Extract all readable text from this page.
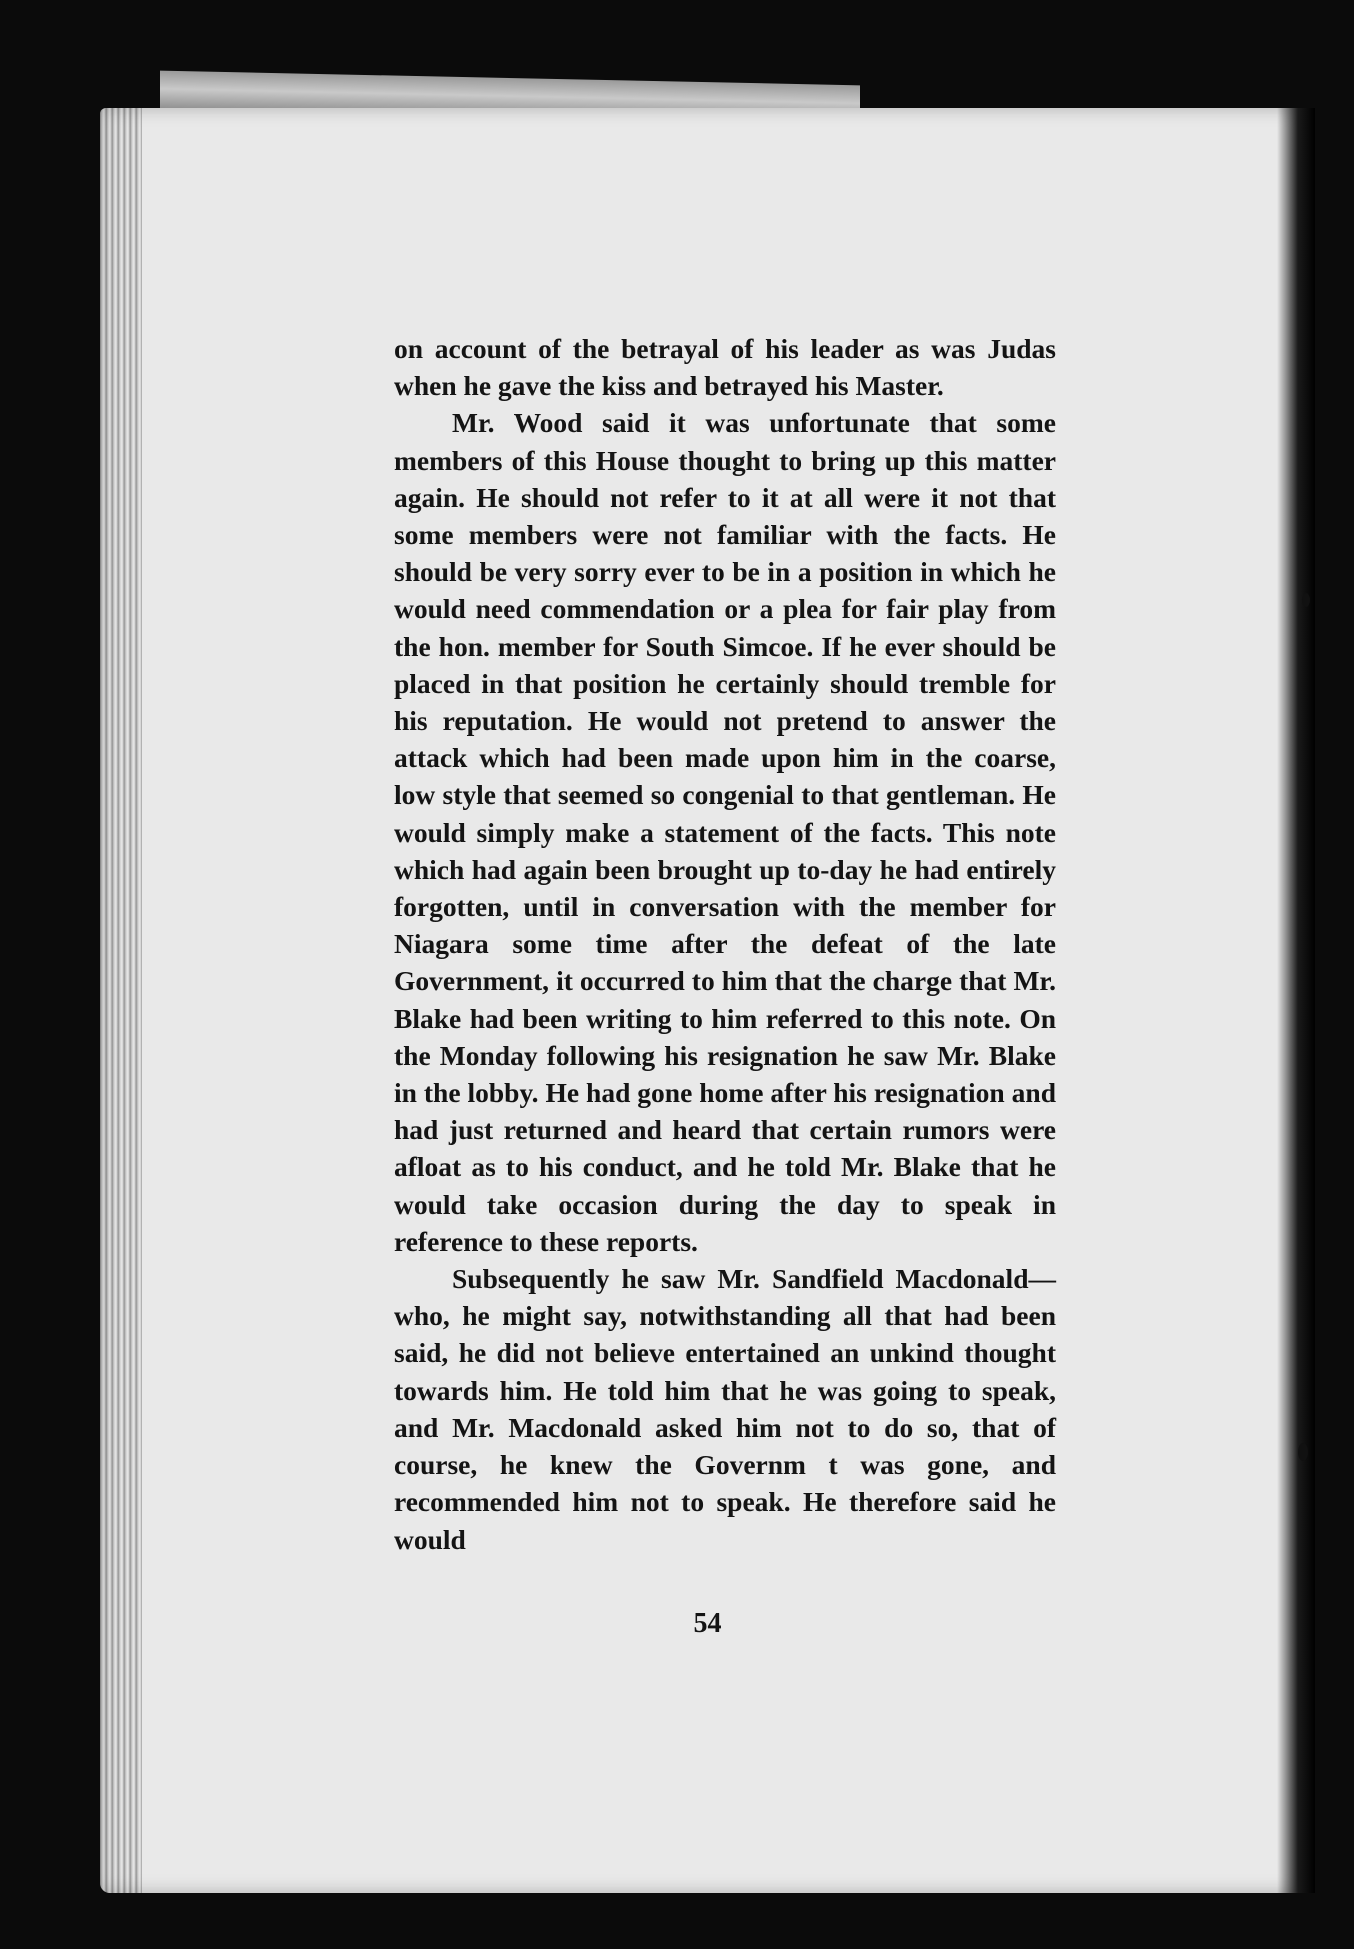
on account of the betrayal of his leader as was Judas when he gave the kiss and betrayed his Master.

Mr. Wood said it was unfortunate that some members of this House thought to bring up this matter again. He should not refer to it at all were it not that some members were not familiar with the facts. He should be very sorry ever to be in a position in which he would need commendation or a plea for fair play from the hon. member for South Simcoe. If he ever should be placed in that position he certainly should tremble for his reputation. He would not pretend to answer the attack which had been made upon him in the coarse, low style that seemed so congenial to that gentleman. He would simply make a statement of the facts. This note which had again been brought up to-day he had entirely forgotten, until in conversation with the member for Niagara some time after the defeat of the late Government, it occurred to him that the charge that Mr. Blake had been writing to him referred to this note. On the Monday following his resignation he saw Mr. Blake in the lobby. He had gone home after his resignation and had just returned and heard that certain rumors were afloat as to his conduct, and he told Mr. Blake that he would take occasion during the day to speak in reference to these reports.

Subsequently he saw Mr. Sandfield Macdonald—who, he might say, notwithstanding all that had been said, he did not believe entertained an unkind thought towards him. He told him that he was going to speak, and Mr. Macdonald asked him not to do so, that of course, he knew the Governm t was gone, and recommended him not to speak. He therefore said he would

54
